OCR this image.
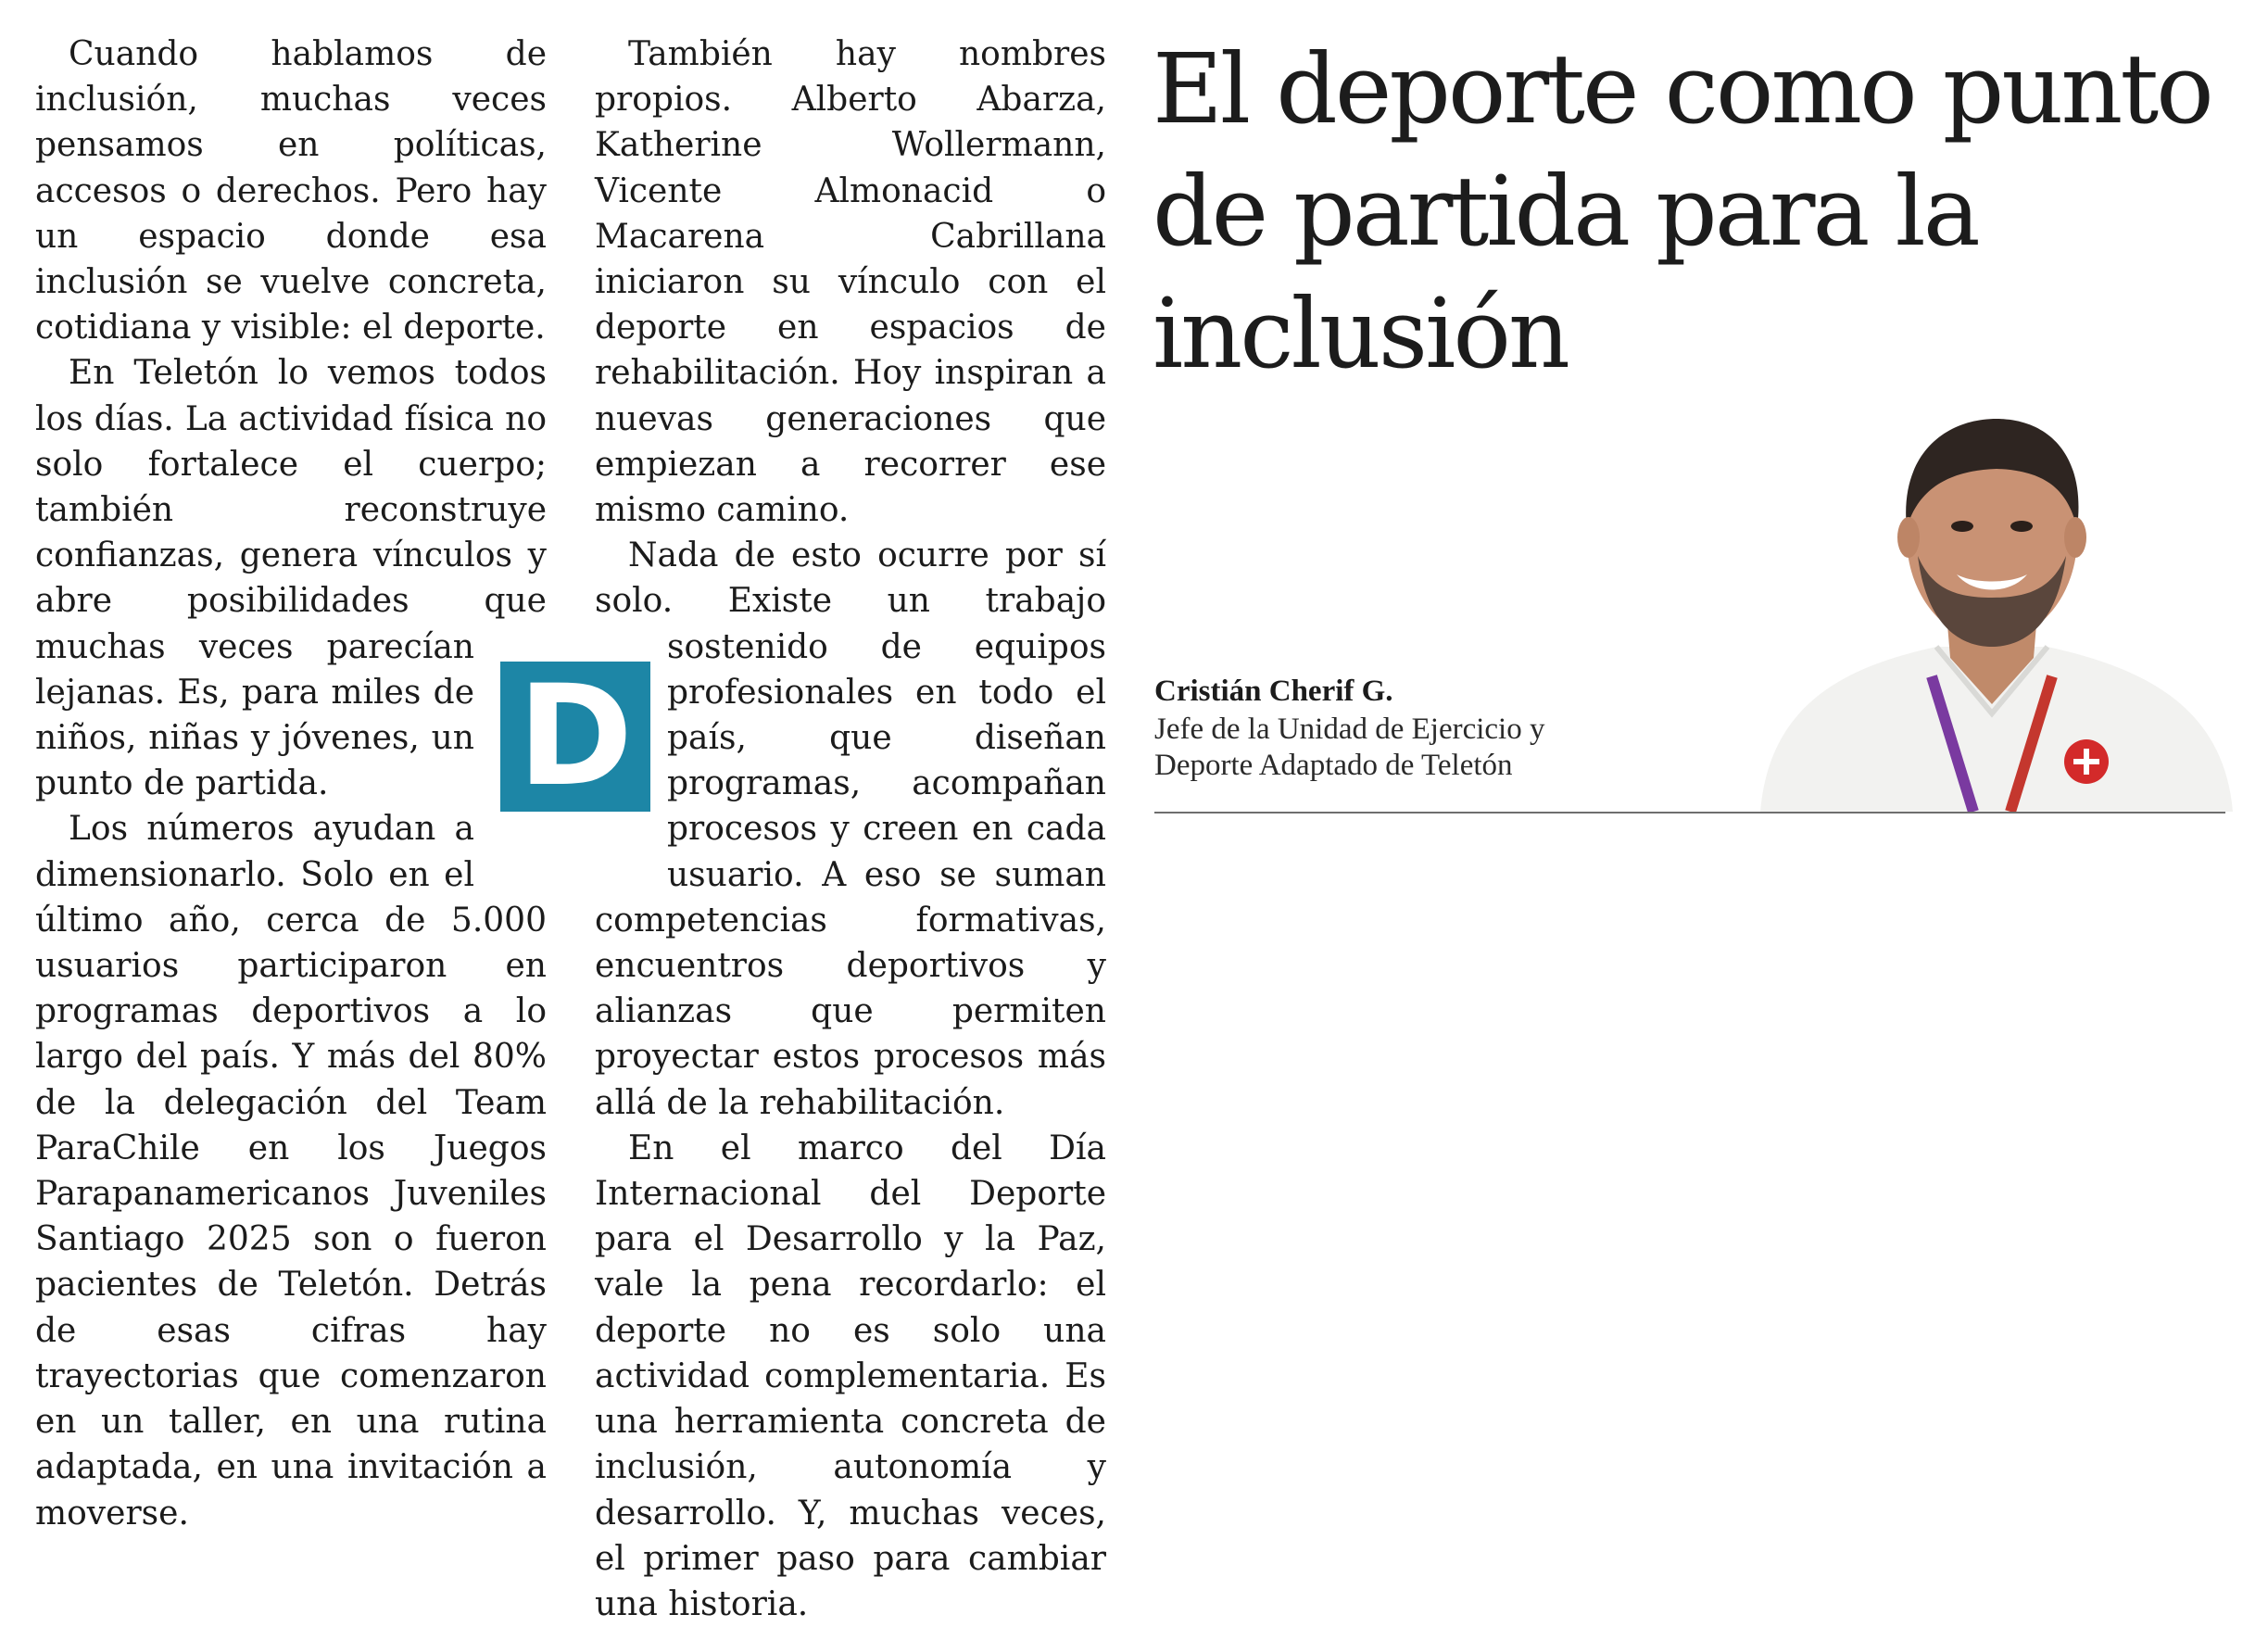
Cuando hablamos de inclusión, muchas veces pensamos en políticas, accesos o derechos. Pero hay un espacio donde esa inclusión se vuelve concreta, cotidiana y visible: el deporte.

En Teletón lo vemos todos los días. La actividad física no solo fortalece el cuerpo; también reconstruye confianzas, genera vínculos y abre posibilidades que muchas veces parecían lejanas. Es, para miles de niños, niñas y jóvenes, un punto de partida.

Los números ayudan a dimensionarlo. Solo en el último año, cerca de 5.000 usuarios participaron en programas deportivos a lo largo del país. Y más del 80% de la delegación del Team ParaChile en los Juegos Parapanamericanos Juveniles Santiago 2025 son o fueron pacientes de Teletón. Detrás de esas cifras hay trayectorias que comenzaron en un taller, en una rutina adaptada, en una invitación a moverse.

También hay nombres propios. Alberto Abarza, Katherine Wollermann, Vicente Almonacid o Macarena Cabrillana iniciaron su vínculo con el deporte en espacios de rehabilitación. Hoy inspiran a nuevas generaciones que empiezan a recorrer ese mismo camino.

Nada de esto ocurre por sí solo. Existe un trabajo sostenido de equipos profesionales en todo el país, que diseñan programas, acompañan procesos y creen en cada usuario. A eso se suman competencias formativas, encuentros deportivos y alianzas que permiten proyectar estos procesos más allá de la rehabilitación.

En el marco del Día Internacional del Deporte para el Desarrollo y la Paz, vale la pena recordarlo: el deporte no es solo una actividad complementaria. Es una herramienta concreta de inclusión, autonomía y desarrollo. Y, muchas veces, el primer paso para cambiar una historia.

D
El deporte como punto de partida para la inclusión
Cristián Cherif G.
Jefe de la Unidad de Ejercicio y Deporte Adaptado de Teletón
